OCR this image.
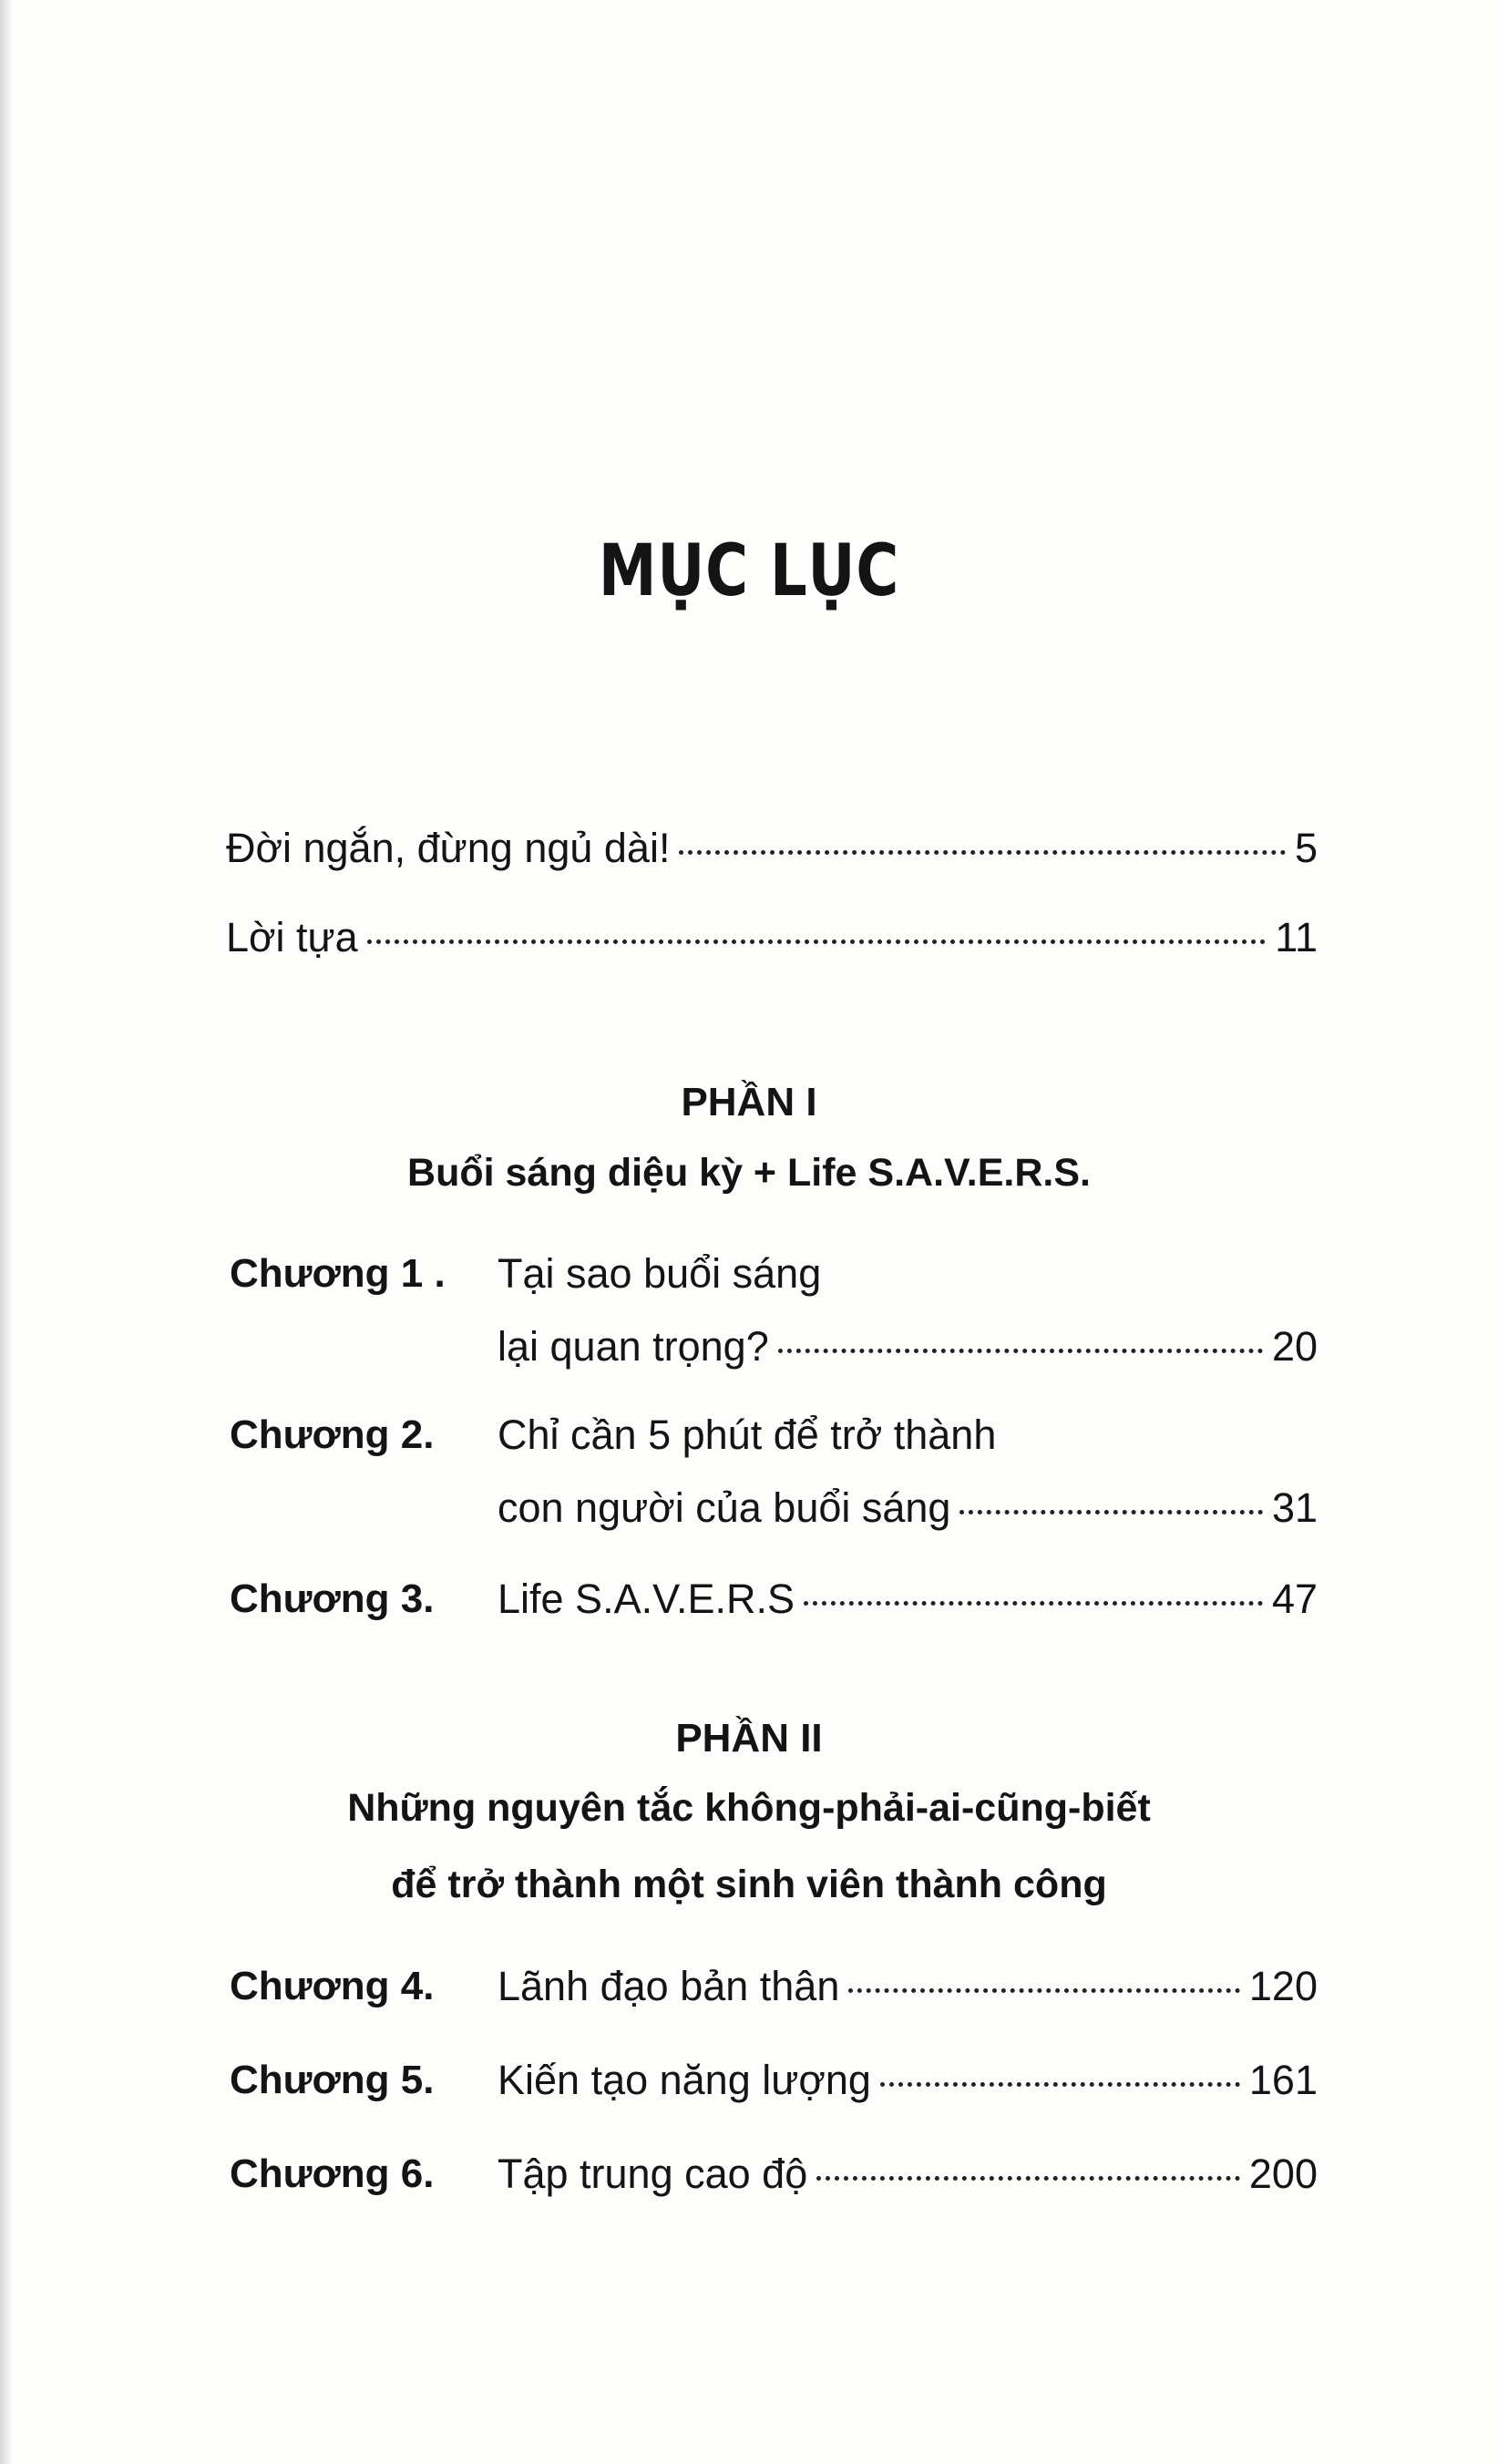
MỤC LỤC
Đời ngắn, đừng ngủ dài!	5
Lời tựa	11
PHẦN I
Buổi sáng diệu kỳ + Life S.A.V.E.R.S.
Chương 1 . Tại sao buổi sáng
lại quan trọng?	20
Chương 2. Chỉ cần 5 phút để trở thành
con người của buổi sáng	31
Chương 3. Life S.A.V.E.R.S	47
PHẦN II
Những nguyên tắc không-phải-ai-cũng-biết
để trở thành một sinh viên thành công
Chương 4. Lãnh đạo bản thân	120
Chương 5. Kiến tạo năng lượng	161
Chương 6. Tập trung cao độ	200
